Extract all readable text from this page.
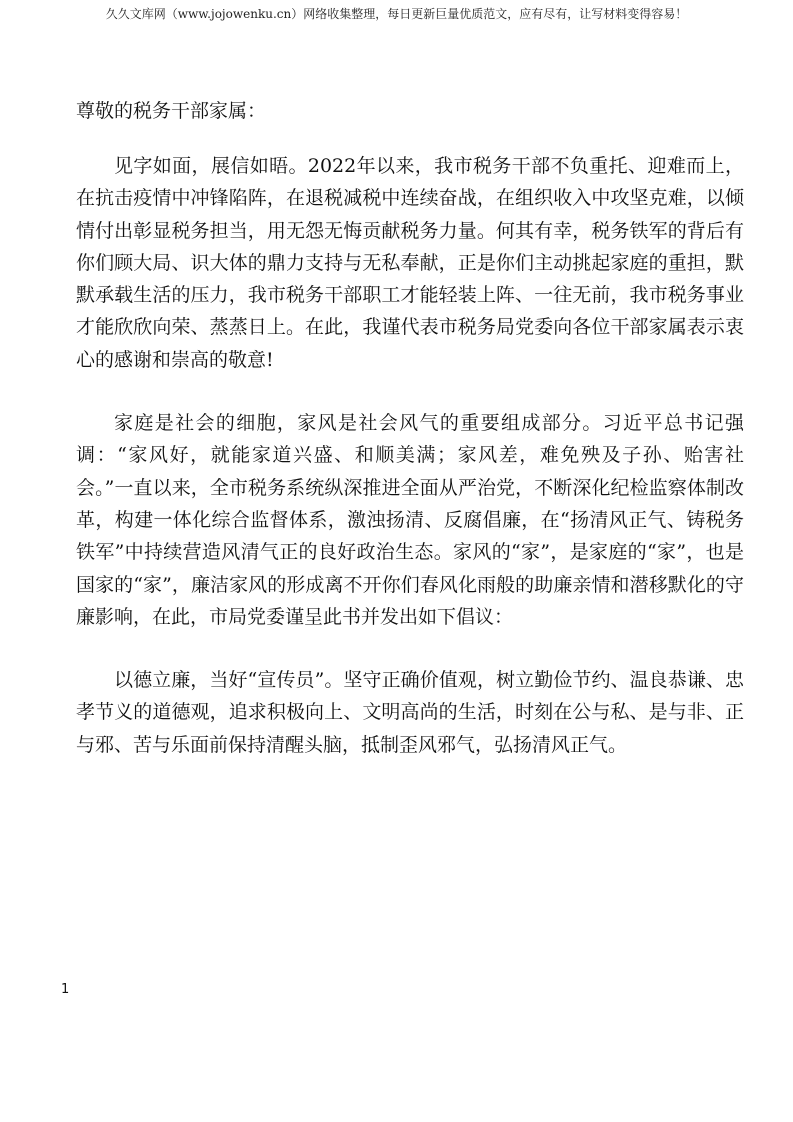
久久文库网（www.jojowenku.cn）网络收集整理，每日更新巨量优质范文，应有尽有，让写材料变得容易！

尊敬的税务干部家属：

见字如面，展信如晤。2022年以来，我市税务干部不负重托、迎难而上，在抗击疫情中冲锋陷阵，在退税减税中连续奋战，在组织收入中攻坚克难，以倾情付出彰显税务担当，用无怨无悔贡献税务力量。何其有幸，税务铁军的背后有你们顾大局、识大体的鼎力支持与无私奉献，正是你们主动挑起家庭的重担，默默承载生活的压力，我市税务干部职工才能轻装上阵、一往无前，我市税务事业才能欣欣向荣、蒸蒸日上。在此，我谨代表市税务局党委向各位干部家属表示衷心的感谢和崇高的敬意!

家庭是社会的细胞，家风是社会风气的重要组成部分。习近平总书记强调：“家风好，就能家道兴盛、和顺美满；家风差，难免殃及子孙、贻害社会。”一直以来，全市税务系统纵深推进全面从严治党，不断深化纪检监察体制改革，构建一体化综合监督体系，激浊扬清、反腐倡廉，在“扬清风正气、铸税务铁军”中持续营造风清气正的良好政治生态。家风的“家”，是家庭的“家”，也是国家的“家”，廉洁家风的形成离不开你们春风化雨般的助廉亲情和潜移默化的守廉影响，在此，市局党委谨呈此书并发出如下倡议：

以德立廉，当好“宣传员”。坚守正确价值观，树立勤俭节约、温良恭谦、忠孝节义的道德观，追求积极向上、文明高尚的生活，时刻在公与私、是与非、正与邪、苦与乐面前保持清醒头脑，抵制歪风邪气，弘扬清风正气。

1
